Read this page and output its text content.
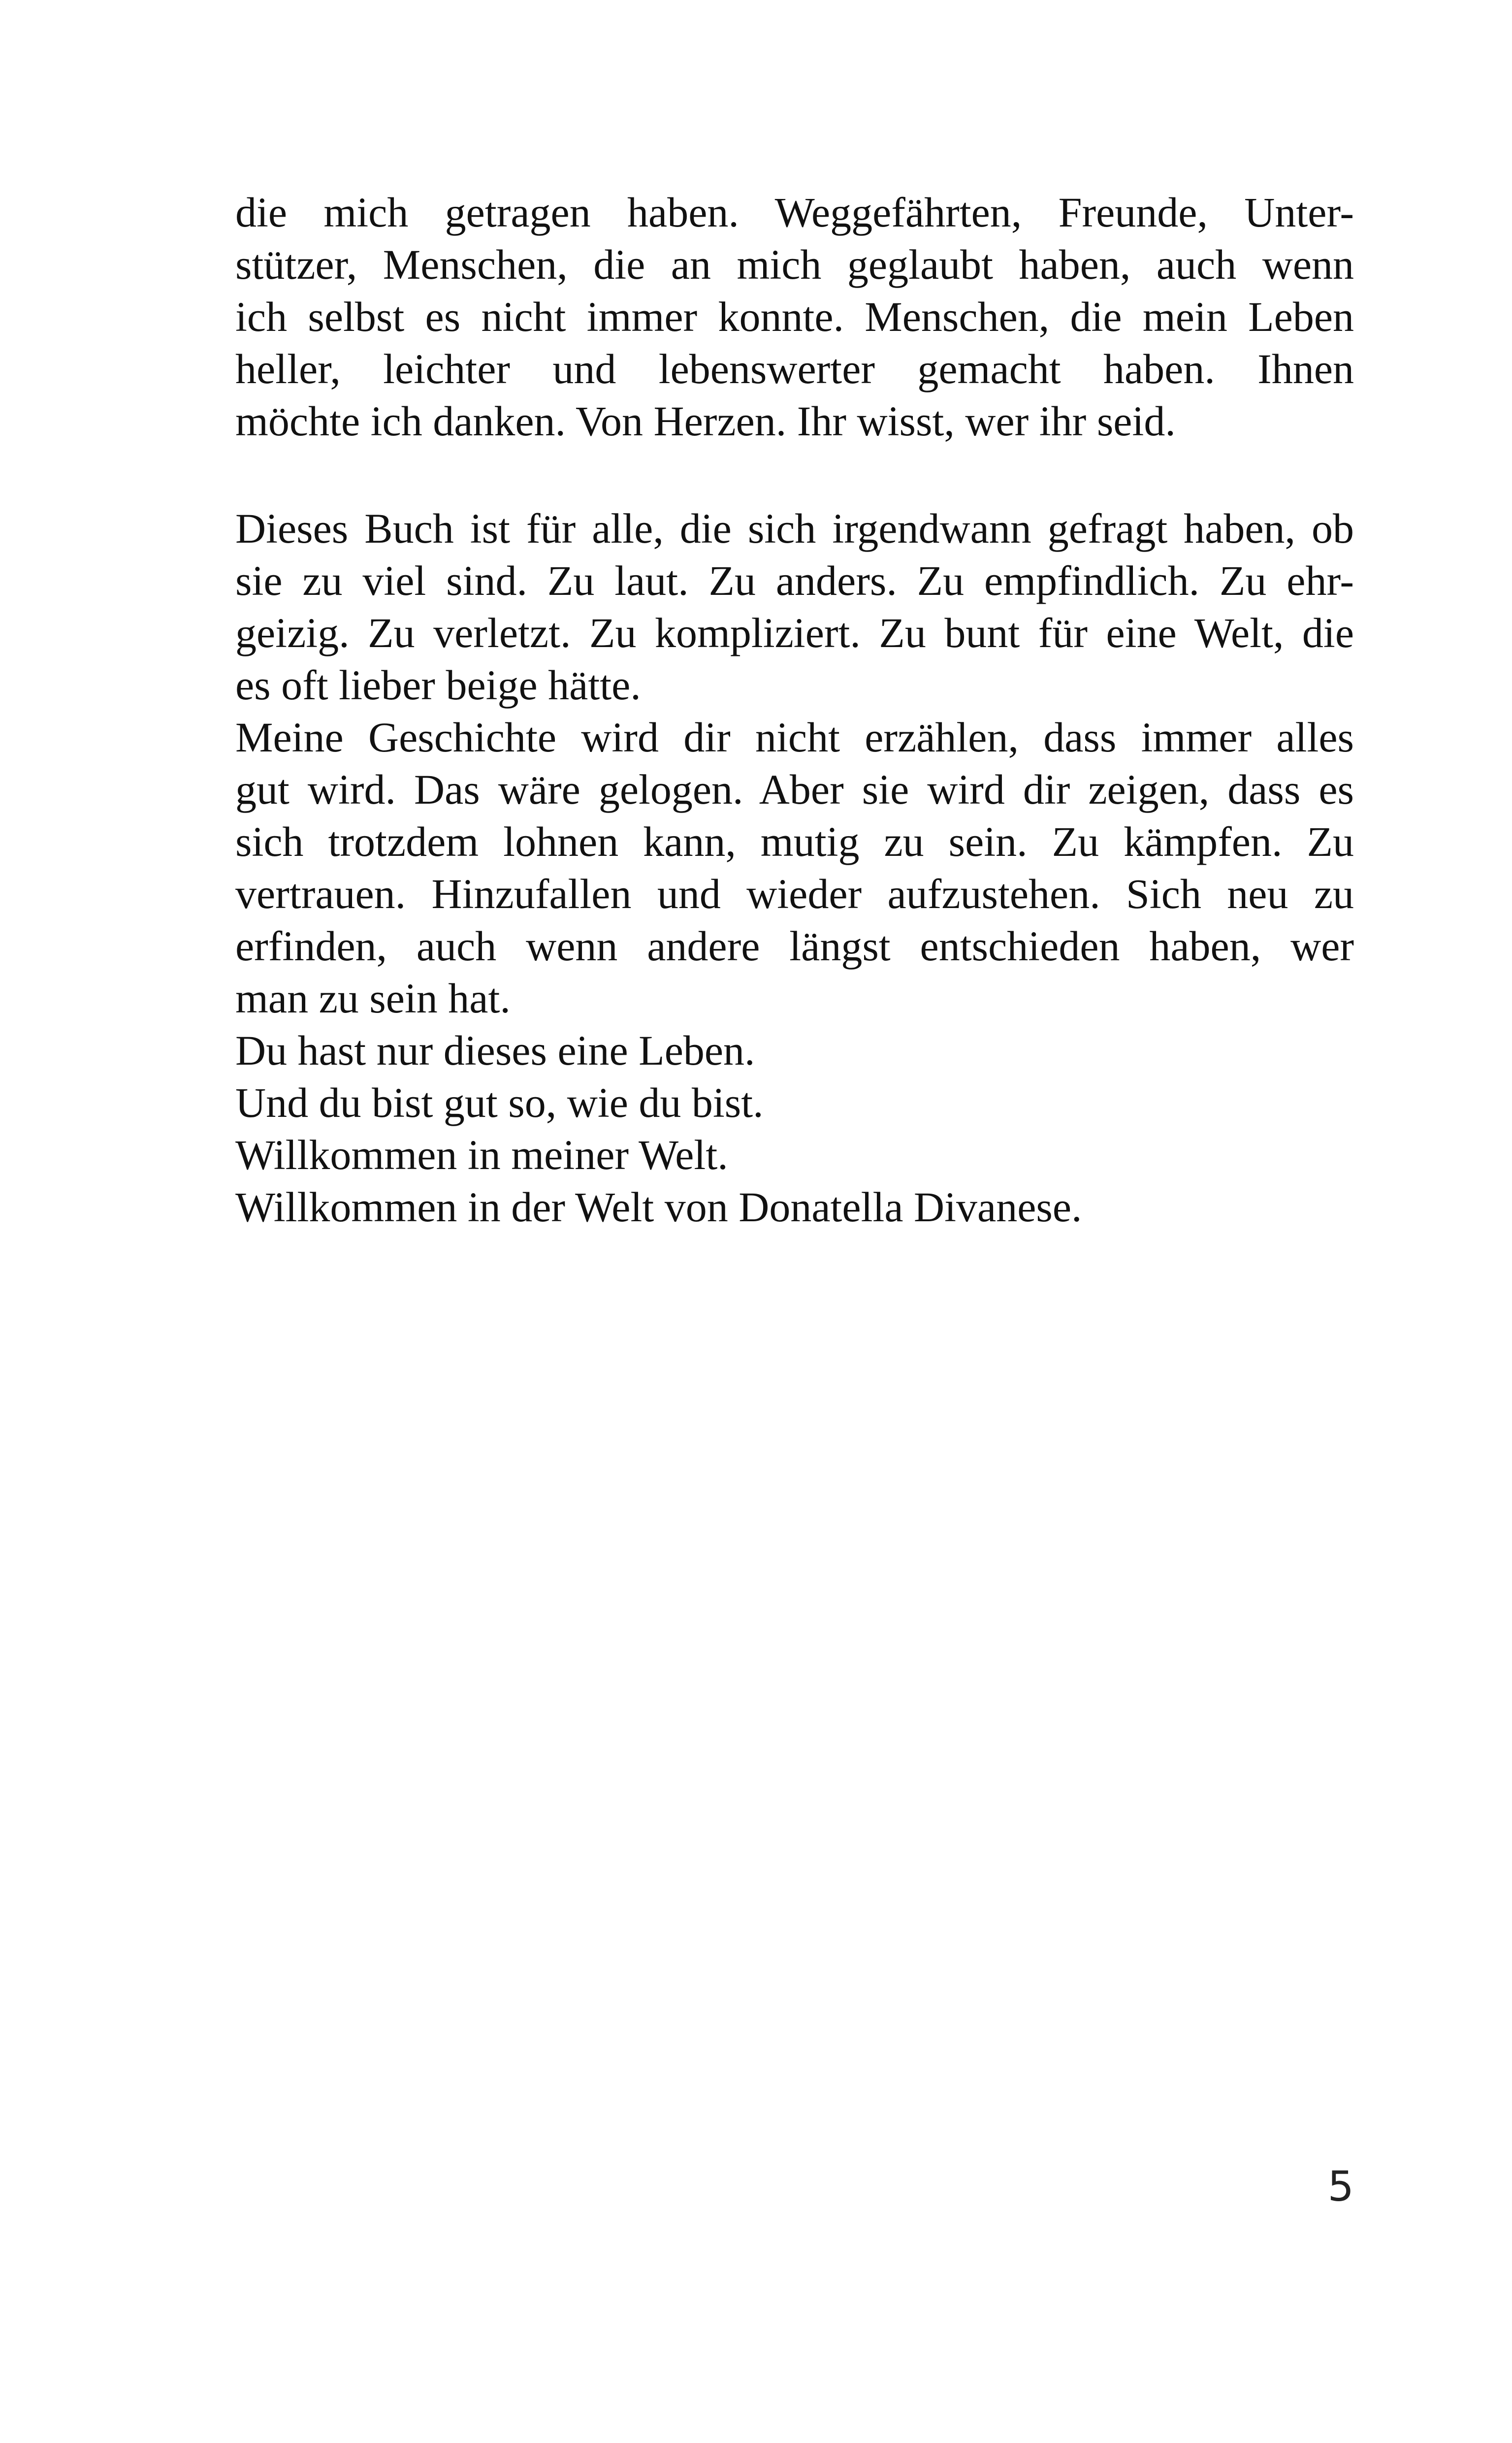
die mich getragen haben. Weggefährten, Freunde, Unter-
stützer, Menschen, die an mich geglaubt haben, auch wenn
ich selbst es nicht immer konnte. Menschen, die mein Leben
heller, leichter und lebenswerter gemacht haben. Ihnen
möchte ich danken. Von Herzen. Ihr wisst, wer ihr seid.
Dieses Buch ist für alle, die sich irgendwann gefragt haben, ob
sie zu viel sind. Zu laut. Zu anders. Zu empfindlich. Zu ehr-
geizig. Zu verletzt. Zu kompliziert. Zu bunt für eine Welt, die
es oft lieber beige hätte.
Meine Geschichte wird dir nicht erzählen, dass immer alles
gut wird. Das wäre gelogen. Aber sie wird dir zeigen, dass es
sich trotzdem lohnen kann, mutig zu sein. Zu kämpfen. Zu
vertrauen. Hinzufallen und wieder aufzustehen. Sich neu zu
erfinden, auch wenn andere längst entschieden haben, wer
man zu sein hat.
Du hast nur dieses eine Leben.
Und du bist gut so, wie du bist.
Willkommen in meiner Welt.
Willkommen in der Welt von Donatella Divanese.
5
